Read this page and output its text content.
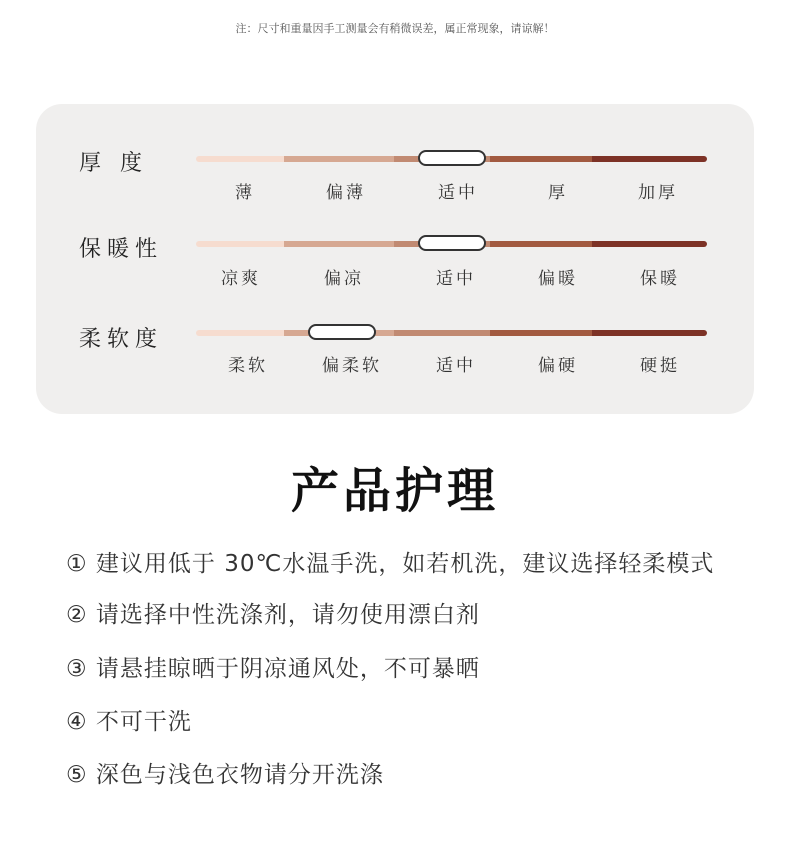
注：尺寸和重量因手工测量会有稍微误差，属正常现象，请谅解！
厚 度
薄	偏薄	适中	厚	加厚
保暖性
凉爽	偏凉	适中	偏暖	保暖
柔软度
柔软	偏柔软	适中	偏硬	硬挺
产品护理
① 建议用低于 30℃水温手洗，如若机洗，建议选择轻柔模式
② 请选择中性洗涤剂，请勿使用漂白剂
③ 请悬挂晾晒于阴凉通风处，不可暴晒
④ 不可干洗
⑤ 深色与浅色衣物请分开洗涤
